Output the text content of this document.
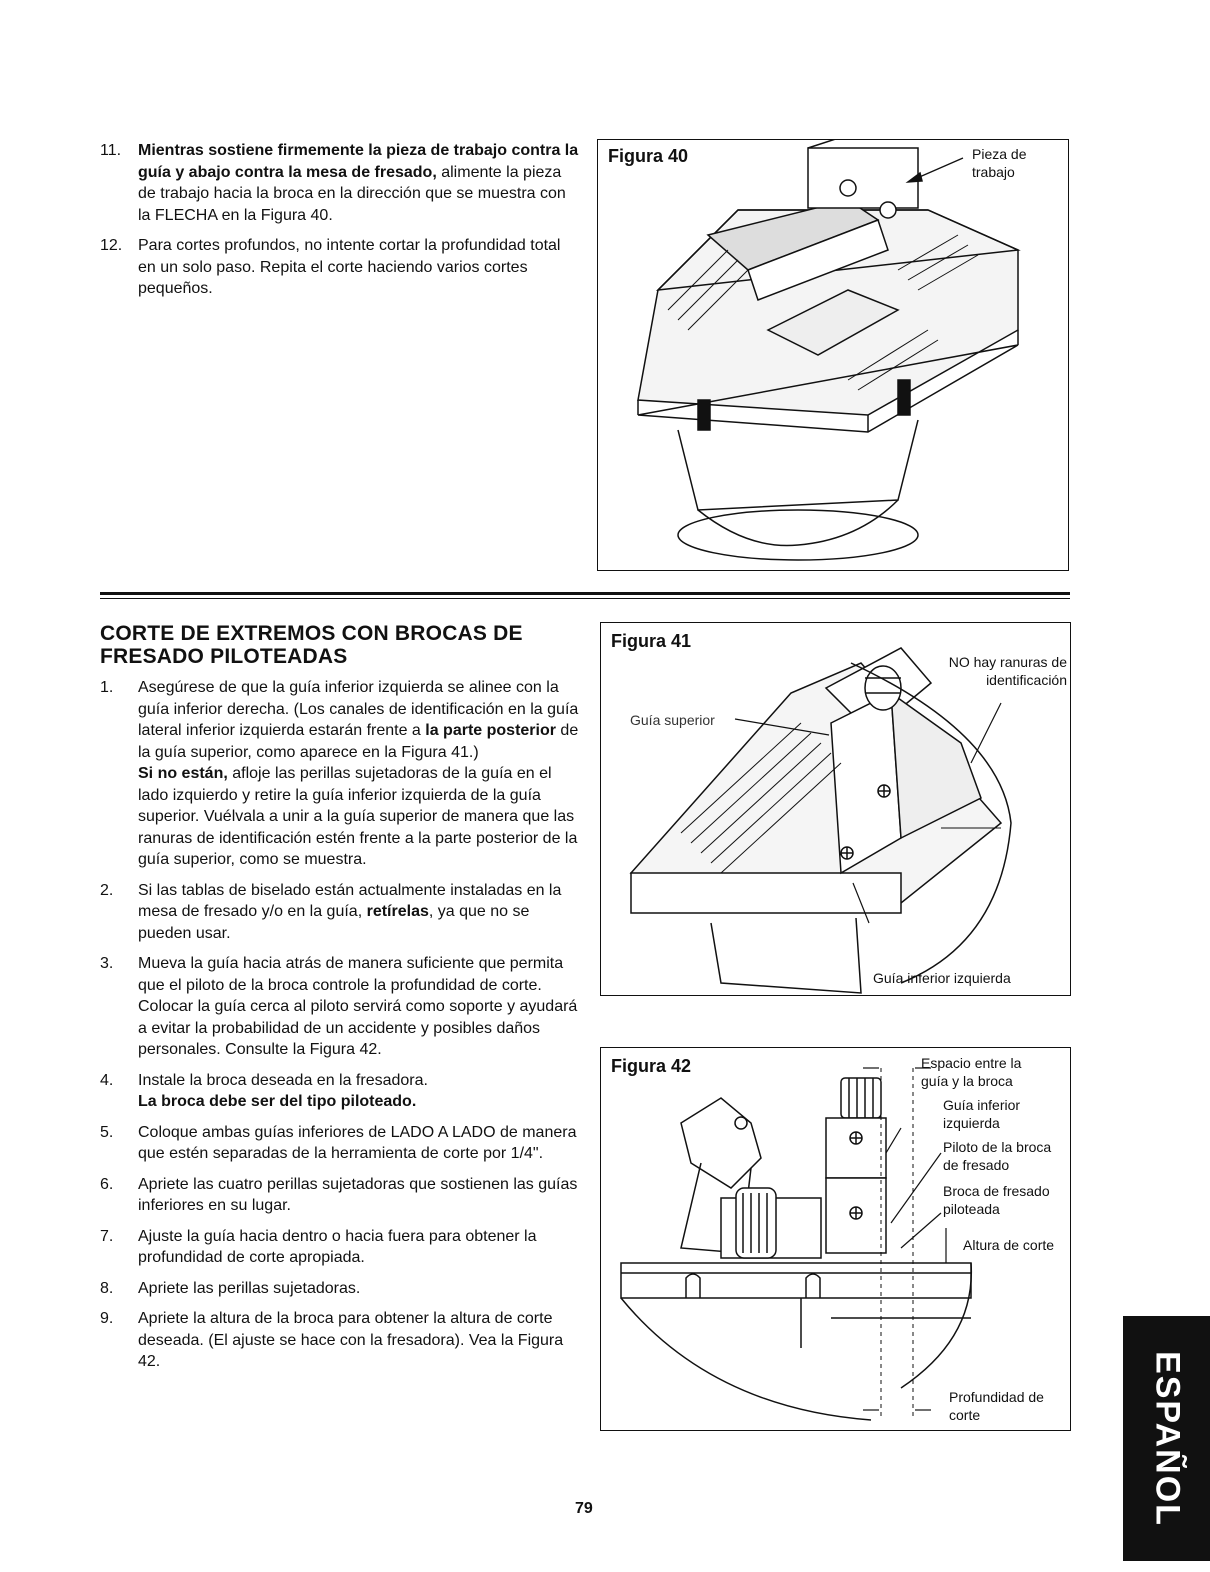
11.	Mientras sostiene firmemente la pieza de trabajo contra la guía y abajo contra la mesa de fresado, alimente la pieza de trabajo hacia la broca en la dirección que se muestra con la FLECHA en la Figura 40.
12. Para cortes profundos, no intente cortar la profundidad total en un solo paso. Repita el corte haciendo varios cortes pequeños.
Figura 40	Pieza de trabajo
CORTE DE EXTREMOS CON BROCAS DE FRESADO PILOTEADAS
1.	Asegúrese de que la guía inferior izquierda se alinee con la guía inferior derecha. (Los canales de identificación en la guía lateral inferior izquierda estarán frente a la parte posterior de la guía superior, como aparece en la Figura 41.)
Si no están, afloje las perillas sujetadoras de la guía en el lado izquierdo y retire la guía inferior izquierda de la guía superior. Vuélvala a unir a la guía superior de manera que las ranuras de identificación estén frente a la parte posterior de la guía superior, como se muestra.
2.	Si las tablas de biselado están actualmente instaladas en la mesa de fresado y/o en la guía, retírelas, ya que no se pueden usar.
3.	Mueva la guía hacia atrás de manera suficiente que permita que el piloto de la broca controle la profundidad de corte. Colocar la guía cerca al piloto servirá como soporte y ayudará a evitar la probabilidad de un accidente y posibles daños personales. Consulte la Figura 42.
4.	Instale la broca deseada en la fresadora.
La broca debe ser del tipo piloteado.
5.	Coloque ambas guías inferiores de LADO A LADO de manera que estén separadas de la herramienta de corte por 1/4".
6.	Apriete las cuatro perillas sujetadoras que sostienen las guías inferiores en su lugar.
7.	Ajuste la guía hacia dentro o hacia fuera para obtener la profundidad de corte apropiada.
8.	Apriete las perillas sujetadoras.
9.	Apriete la altura de la broca para obtener la altura de corte deseada. (El ajuste se hace con la fresadora). Vea la Figura 42.
Figura 41
Guía superior
NO hay ranuras de identificación
Guía inferior izquierda
Figura 42	Espacio entre la guía y la broca
Guía inferior izquierda
Piloto de la broca de fresado
Broca de fresado piloteada
Altura de corte
Profundidad de corte
79	ESPAÑOL
